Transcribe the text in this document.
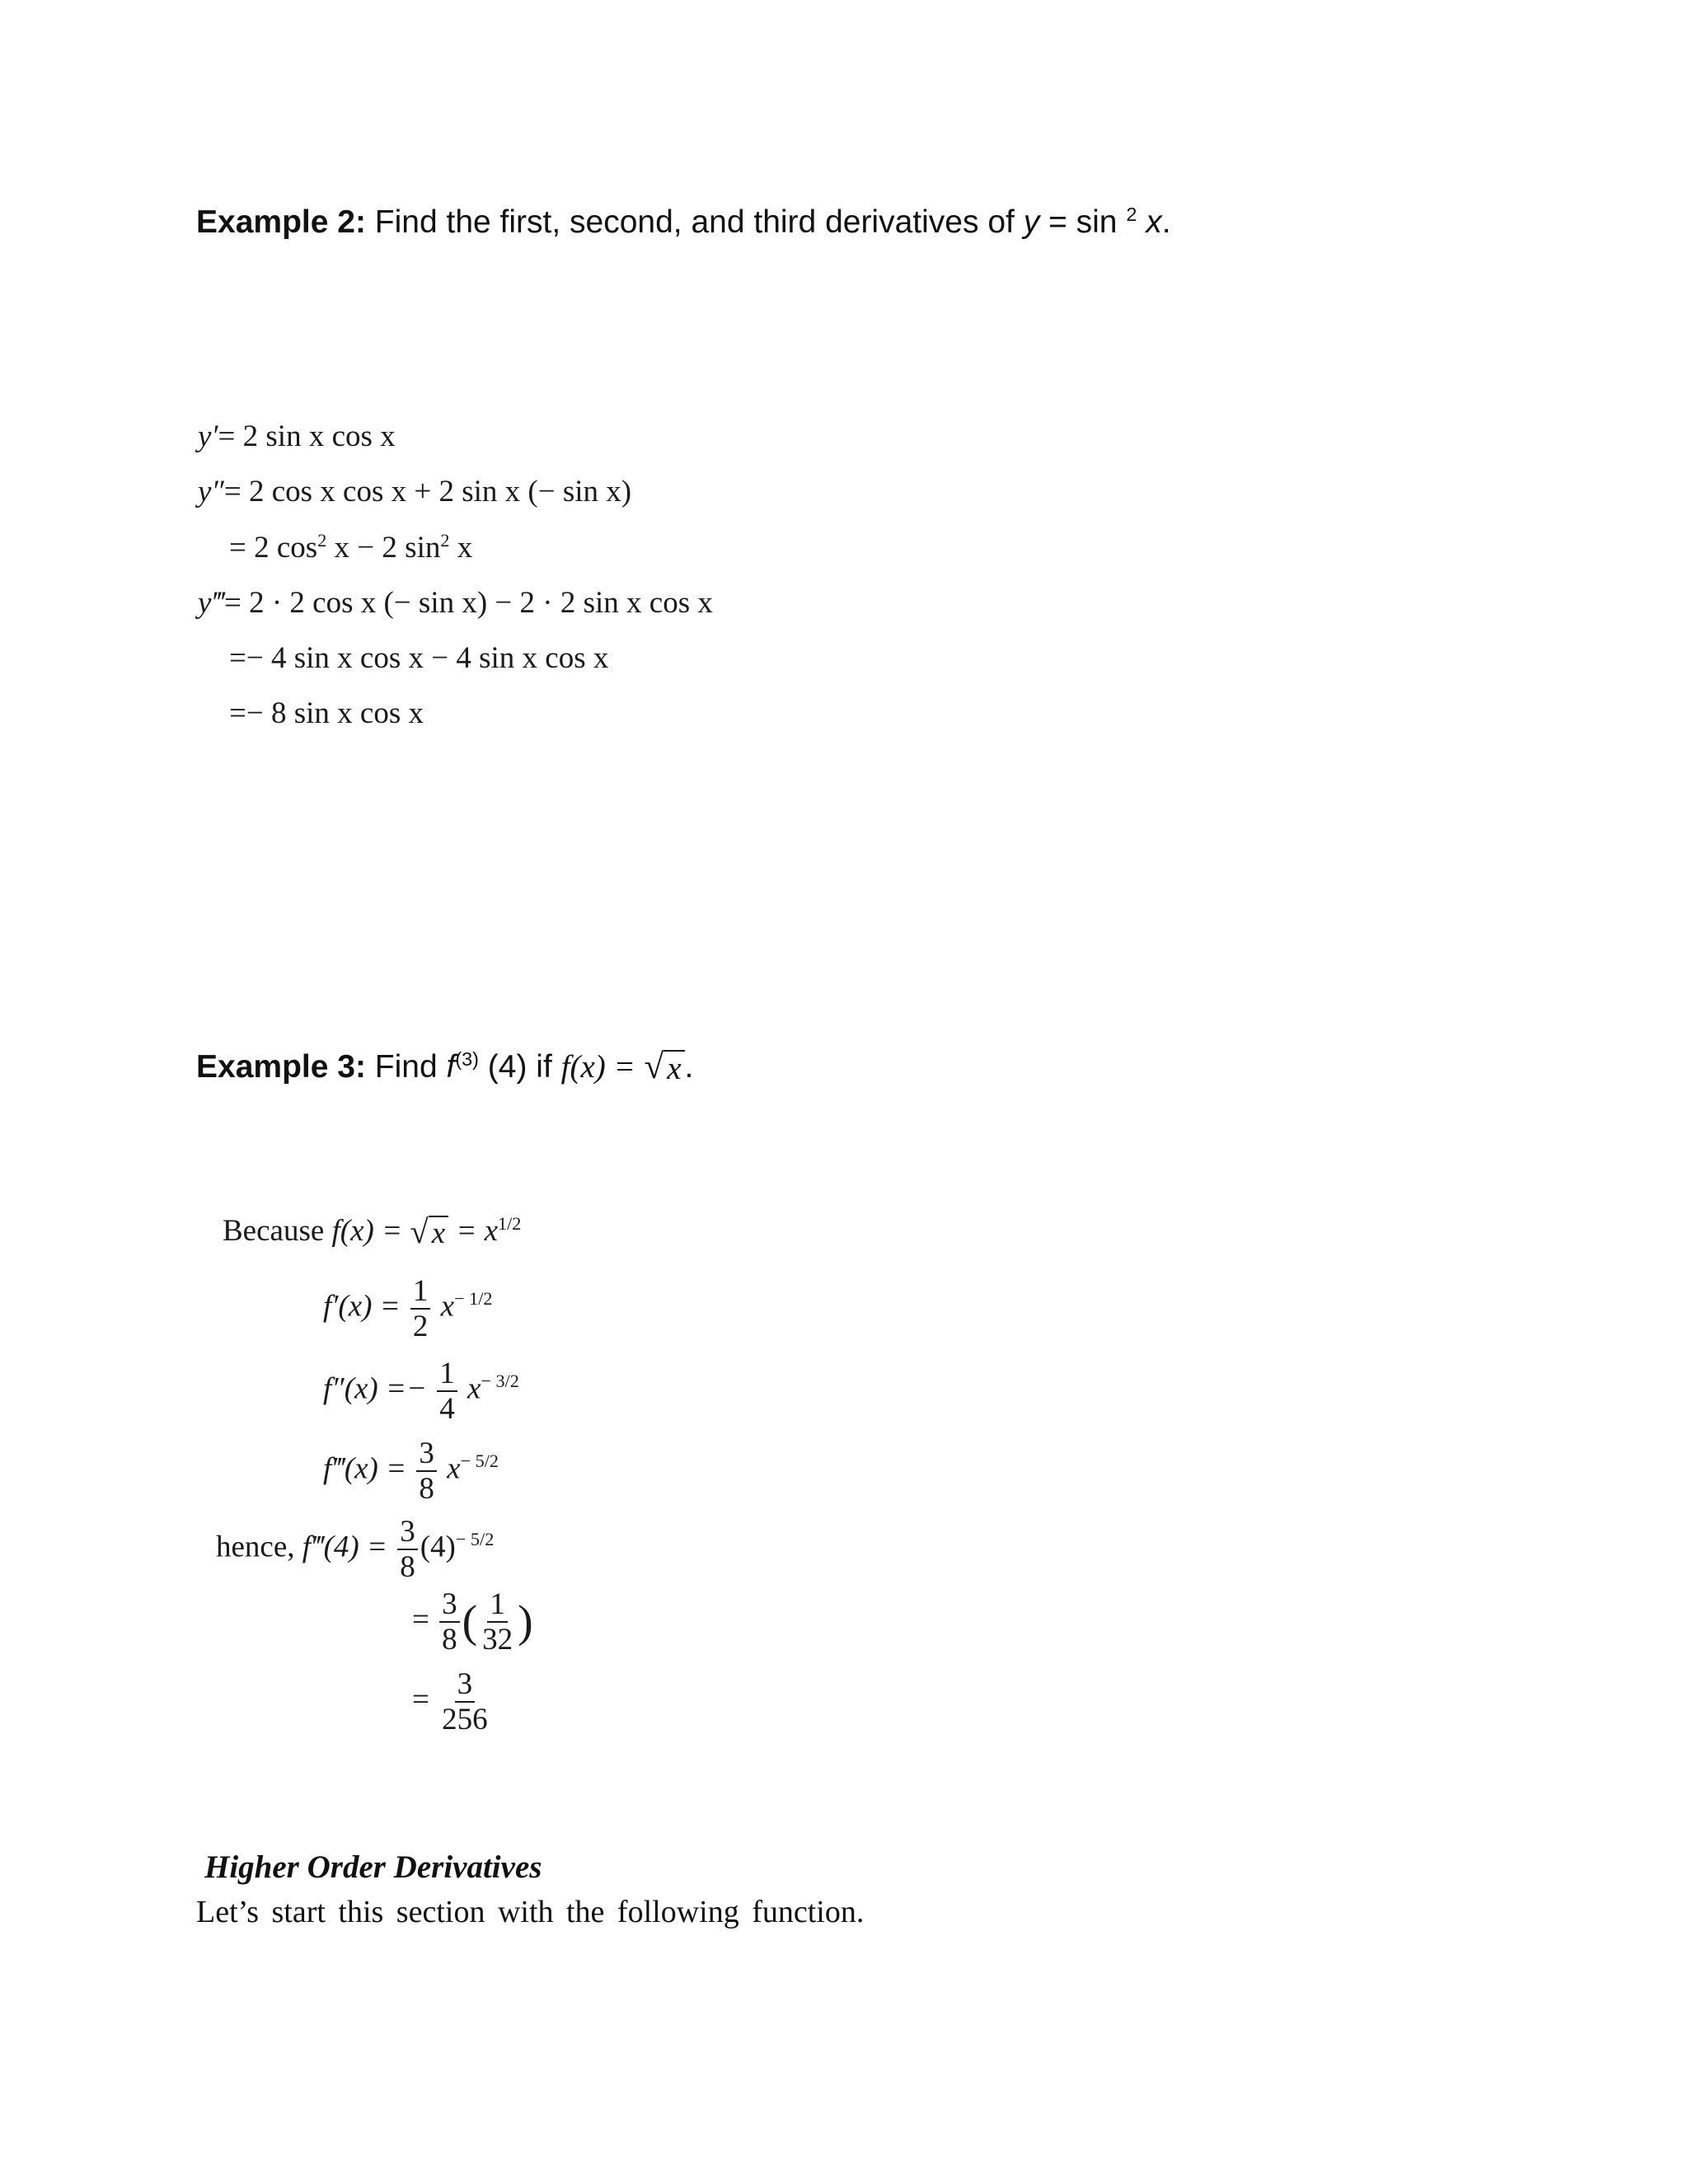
Example 2: Find the first, second, and third derivatives of y = sin $^2$ x.
y′= 2 sin x cos x
y″= 2 cos x cos x + 2 sin x (− sin x)
= 2 $\cos^2 x - 2$ $\sin^2 x$
y‴= 2 · 2 cos x (− sin x) − 2 · 2 sin x cos x
=− 4 sin x cos x − 4 sin x cos x
=− 8 sin x cos x
Example 3: Find $f^{(3)}$ (4) if f(x) = √ x .
Because f(x) = √ $x = x^{1/2}$
$f'(x) = \frac{1}{2} x^{- 1/2}$
$f''(x) =- \frac{1}{4} x^{- 3/2}$
f‴(x) = $\frac{3}{8} x^{- 5/2}$
hence, f‴(4) = $\frac{3}{8} (4)^{- 5/2}$
= $\frac{3}{8}$ ( $\frac{1}{32}$ )
= $\frac{3}{256}$
Higher Order Derivatives
Let’s start this section with the following function.
